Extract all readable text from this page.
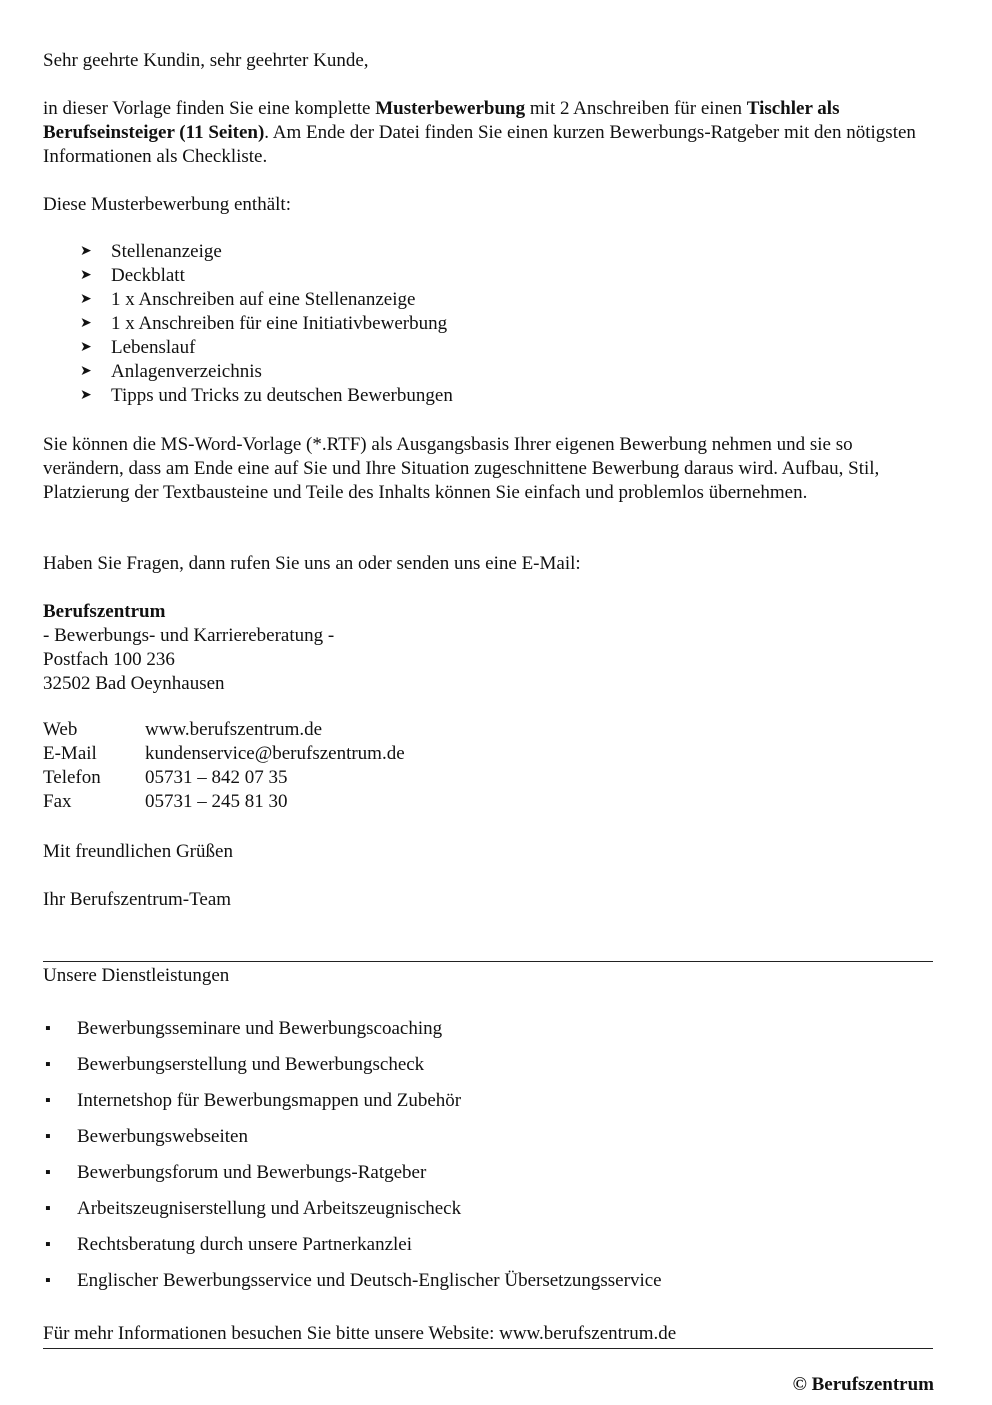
Sehr geehrte Kundin, sehr geehrter Kunde,
in dieser Vorlage finden Sie eine komplette Musterbewerbung mit 2 Anschreiben für einen Tischler als Berufseinsteiger (11 Seiten). Am Ende der Datei finden Sie einen kurzen Bewerbungs-Ratgeber mit den nötigsten Informationen als Checkliste.
Diese Musterbewerbung enthält:
➤	Stellenanzeige
➤	Deckblatt
➤	1 x Anschreiben auf eine Stellenanzeige
➤	1 x Anschreiben für eine Initiativbewerbung
➤	Lebenslauf
➤	Anlagenverzeichnis
➤	Tipps und Tricks zu deutschen Bewerbungen
Sie können die MS-Word-Vorlage (*.RTF) als Ausgangsbasis Ihrer eigenen Bewerbung nehmen und sie so verändern, dass am Ende eine auf Sie und Ihre Situation zugeschnittene Bewerbung daraus wird. Aufbau, Stil, Platzierung der Textbausteine und Teile des Inhalts können Sie einfach und problemlos übernehmen.
Haben Sie Fragen, dann rufen Sie uns an oder senden uns eine E-Mail:
Berufszentrum
- Bewerbungs- und Karriereberatung -
Postfach 100 236
32502 Bad Oeynhausen
Web	www.berufszentrum.de
E-Mail	kundenservice@berufszentrum.de
Telefon	05731 – 842 07 35
Fax	05731 – 245 81 30
Mit freundlichen Grüßen
Ihr Berufszentrum-Team
Unsere Dienstleistungen
▪	Bewerbungsseminare und Bewerbungscoaching
▪	Bewerbungserstellung und Bewerbungscheck
▪	Internetshop für Bewerbungsmappen und Zubehör
▪	Bewerbungswebseiten
▪	Bewerbungsforum und Bewerbungs-Ratgeber
▪	Arbeitszeugniserstellung und Arbeitszeugnischeck
▪	Rechtsberatung durch unsere Partnerkanzlei
▪	Englischer Bewerbungsservice und Deutsch-Englischer Übersetzungsservice
Für mehr Informationen besuchen Sie bitte unsere Website: www.berufszentrum.de
© Berufszentrum
